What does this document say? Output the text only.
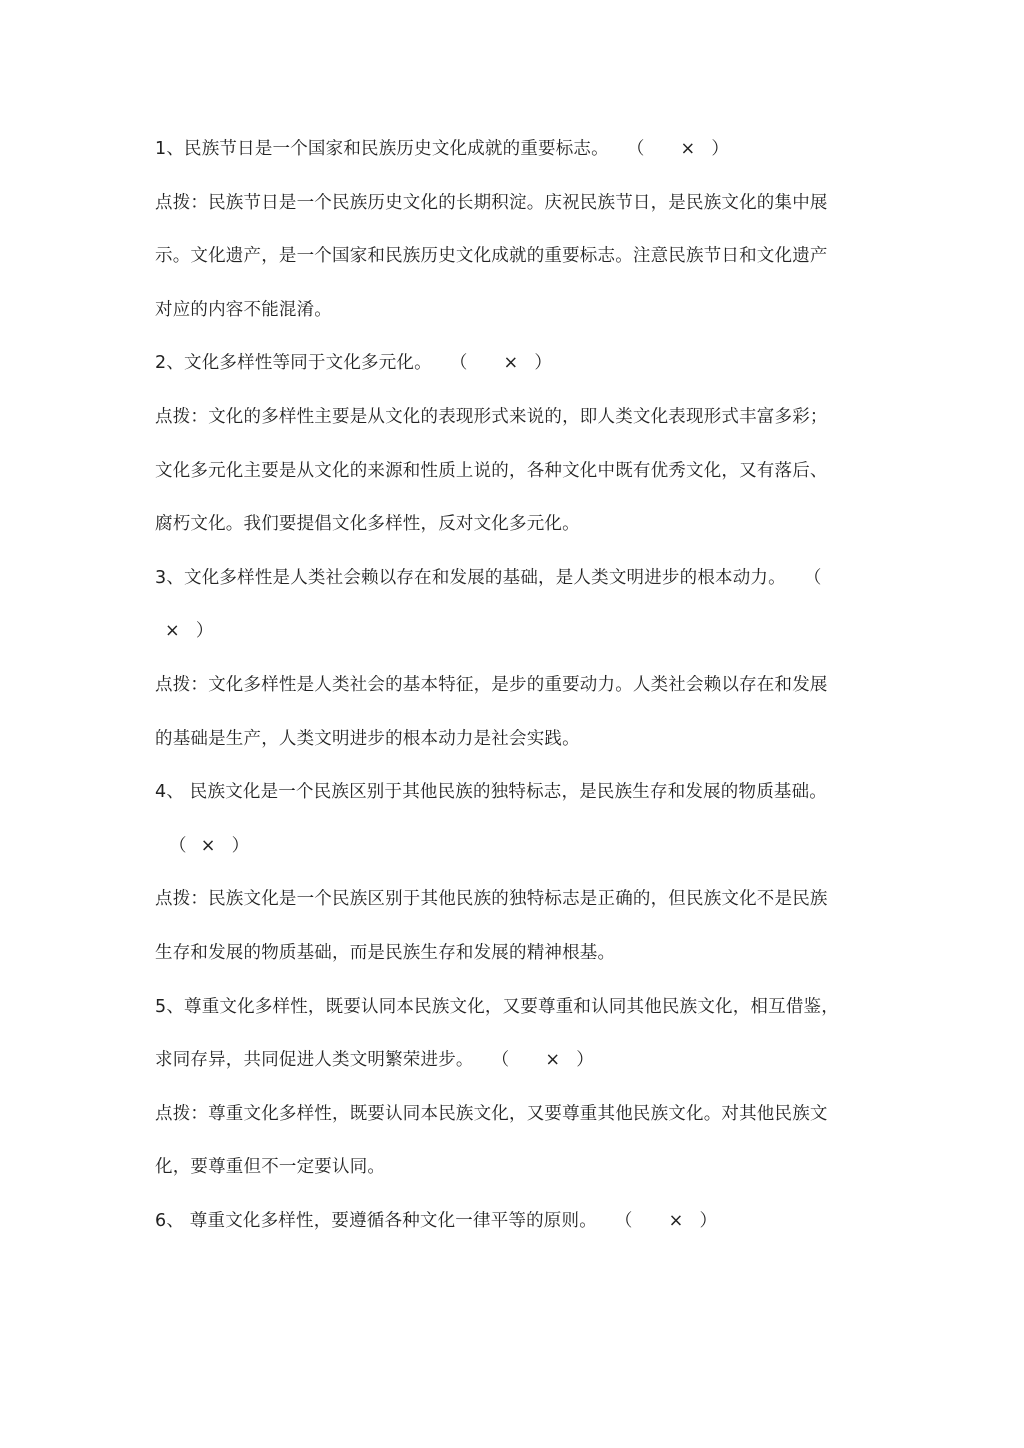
1、民族节日是一个国家和民族历史文化成就的重要标志。 （ × ）
点拨：民族节日是一个民族历史文化的长期积淀。庆祝民族节日，是民族文化的集中展
示。文化遗产，是一个国家和民族历史文化成就的重要标志。注意民族节日和文化遗产
对应的内容不能混淆。
2、文化多样性等同于文化多元化。 （ × ）
点拨：文化的多样性主要是从文化的表现形式来说的，即人类文化表现形式丰富多彩；
文化多元化主要是从文化的来源和性质上说的，各种文化中既有优秀文化，又有落后、
腐朽文化。我们要提倡文化多样性，反对文化多元化。
3、文化多样性是人类社会赖以存在和发展的基础，是人类文明进步的根本动力。 （
× ）
点拨：文化多样性是人类社会的基本特征，是步的重要动力。人类社会赖以存在和发展
的基础是生产，人类文明进步的根本动力是社会实践。
4、 民族文化是一个民族区别于其他民族的独特标志，是民族生存和发展的物质基础。
（ × ）
点拨：民族文化是一个民族区别于其他民族的独特标志是正确的，但民族文化不是民族
生存和发展的物质基础，而是民族生存和发展的精神根基。
5、尊重文化多样性，既要认同本民族文化，又要尊重和认同其他民族文化，相互借鉴，
求同存异，共同促进人类文明繁荣进步。 （ × ）
点拨：尊重文化多样性，既要认同本民族文化，又要尊重其他民族文化。对其他民族文
化，要尊重但不一定要认同。
6、 尊重文化多样性，要遵循各种文化一律平等的原则。 （ × ）
